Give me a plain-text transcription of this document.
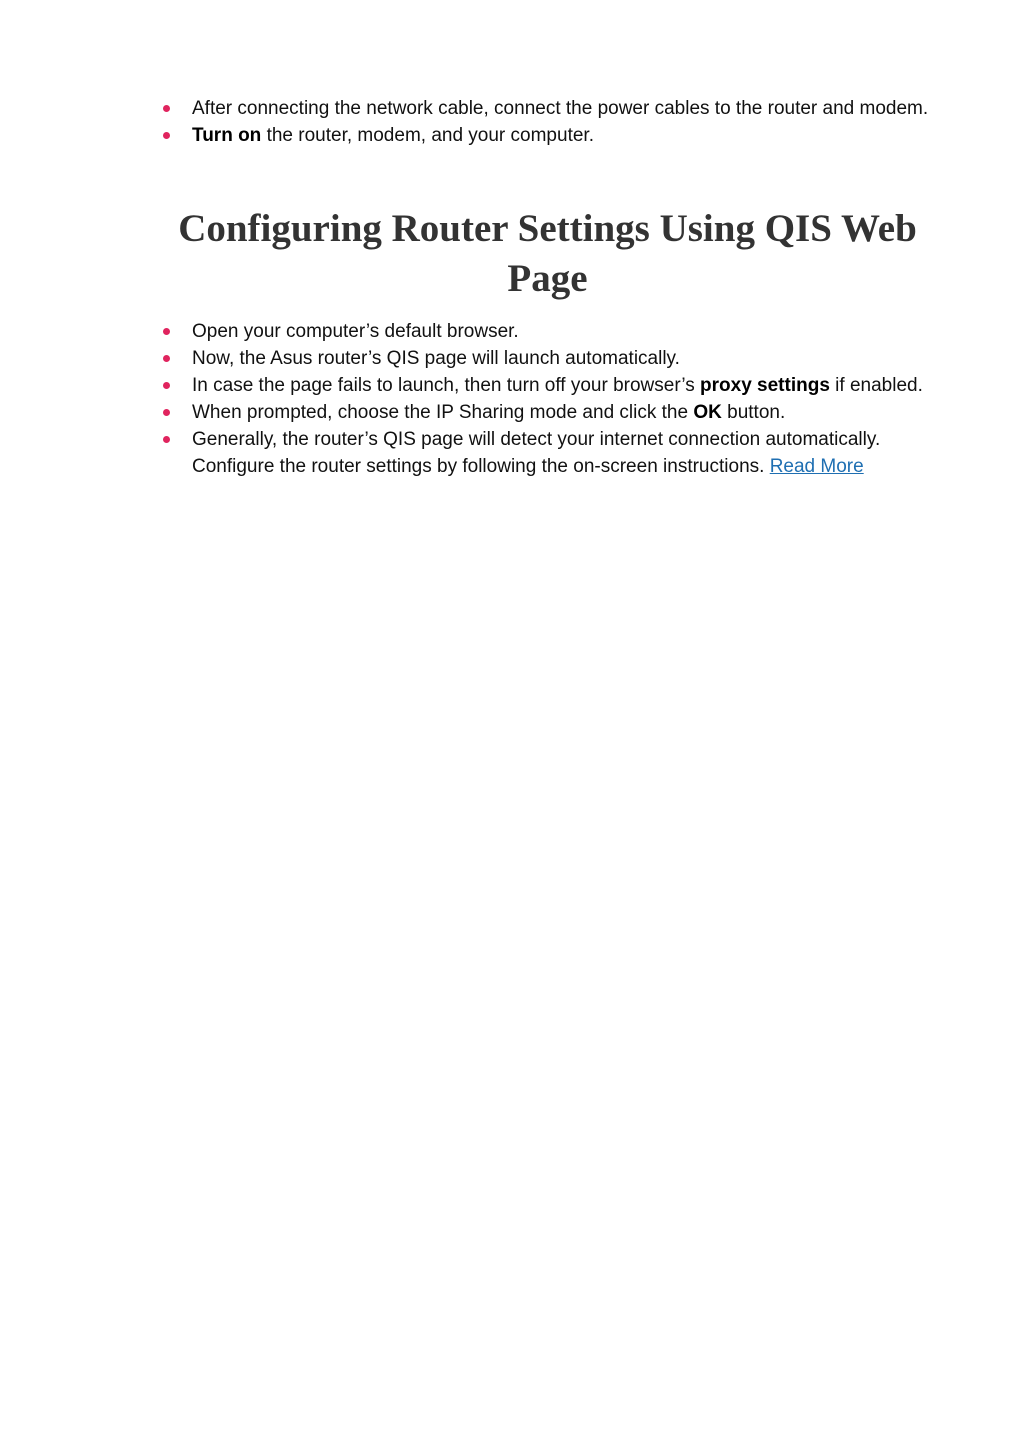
After connecting the network cable, connect the power cables to the router and modem.
Turn on the router, modem, and your computer.
Configuring Router Settings Using QIS Web Page
Open your computer’s default browser.
Now, the Asus router’s QIS page will launch automatically.
In case the page fails to launch, then turn off your browser’s proxy settings if enabled.
When prompted, choose the IP Sharing mode and click the OK button.
Generally, the router’s QIS page will detect your internet connection automatically. Configure the router settings by following the on-screen instructions. Read More
